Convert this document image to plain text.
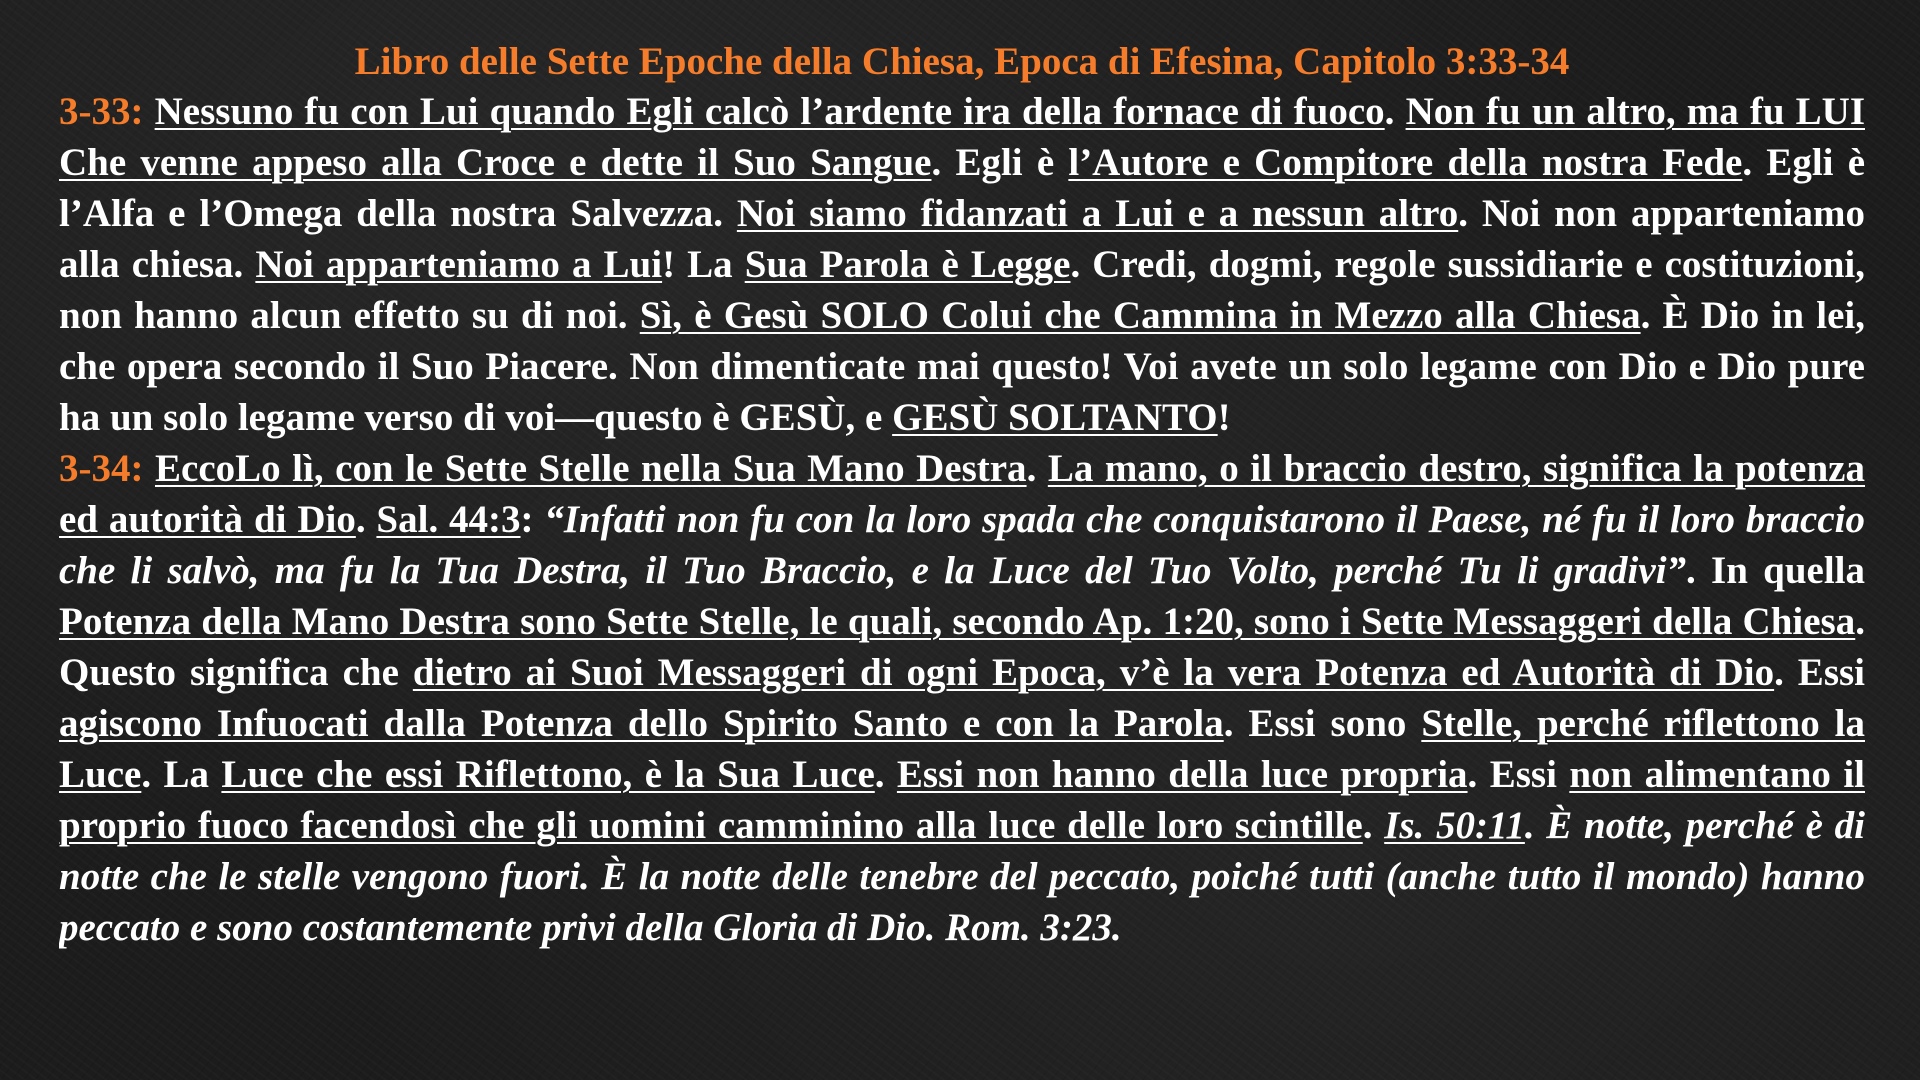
Libro delle Sette Epoche della Chiesa, Epoca di Efesina, Capitolo 3:33-34

3-33: Nessuno fu con Lui quando Egli calcò l’ardente ira della fornace di fuoco. Non fu un altro, ma fu LUI Che venne appeso alla Croce e dette il Suo Sangue. Egli è l’Autore e Compitore della nostra Fede. Egli è l’Alfa e l’Omega della nostra Salvezza. Noi siamo fidanzati a Lui e a nessun altro. Noi non apparteniamo alla chiesa. Noi apparteniamo a Lui! La Sua Parola è Legge. Credi, dogmi, regole sussidiarie e costituzioni, non hanno alcun effetto su di noi. Sì, è Gesù SOLO Colui che Cammina in Mezzo alla Chiesa. È Dio in lei, che opera secondo il Suo Piacere. Non dimenticate mai questo! Voi avete un solo legame con Dio e Dio pure ha un solo legame verso di voi—questo è GESÙ, e GESÙ SOLTANTO!

3-34: EccoLo lì, con le Sette Stelle nella Sua Mano Destra. La mano, o il braccio destro, significa la potenza ed autorità di Dio. Sal. 44:3: “Infatti non fu con la loro spada che conquistarono il Paese, né fu il loro braccio che li salvò, ma fu la Tua Destra, il Tuo Braccio, e la Luce del Tuo Volto, perché Tu li gradivi”. In quella Potenza della Mano Destra sono Sette Stelle, le quali, secondo Ap. 1:20, sono i Sette Messaggeri della Chiesa. Questo significa che dietro ai Suoi Messaggeri di ogni Epoca, v’è la vera Potenza ed Autorità di Dio. Essi agiscono Infuocati dalla Potenza dello Spirito Santo e con la Parola. Essi sono Stelle, perché riflettono la Luce. La Luce che essi Riflettono, è la Sua Luce. Essi non hanno della luce propria. Essi non alimentano il proprio fuoco facendosì che gli uomini camminino alla luce delle loro scintille. Is. 50:11. È notte, perché è di notte che le stelle vengono fuori. È la notte delle tenebre del peccato, poiché tutti (anche tutto il mondo) hanno peccato e sono costantemente privi della Gloria di Dio. Rom. 3:23.
